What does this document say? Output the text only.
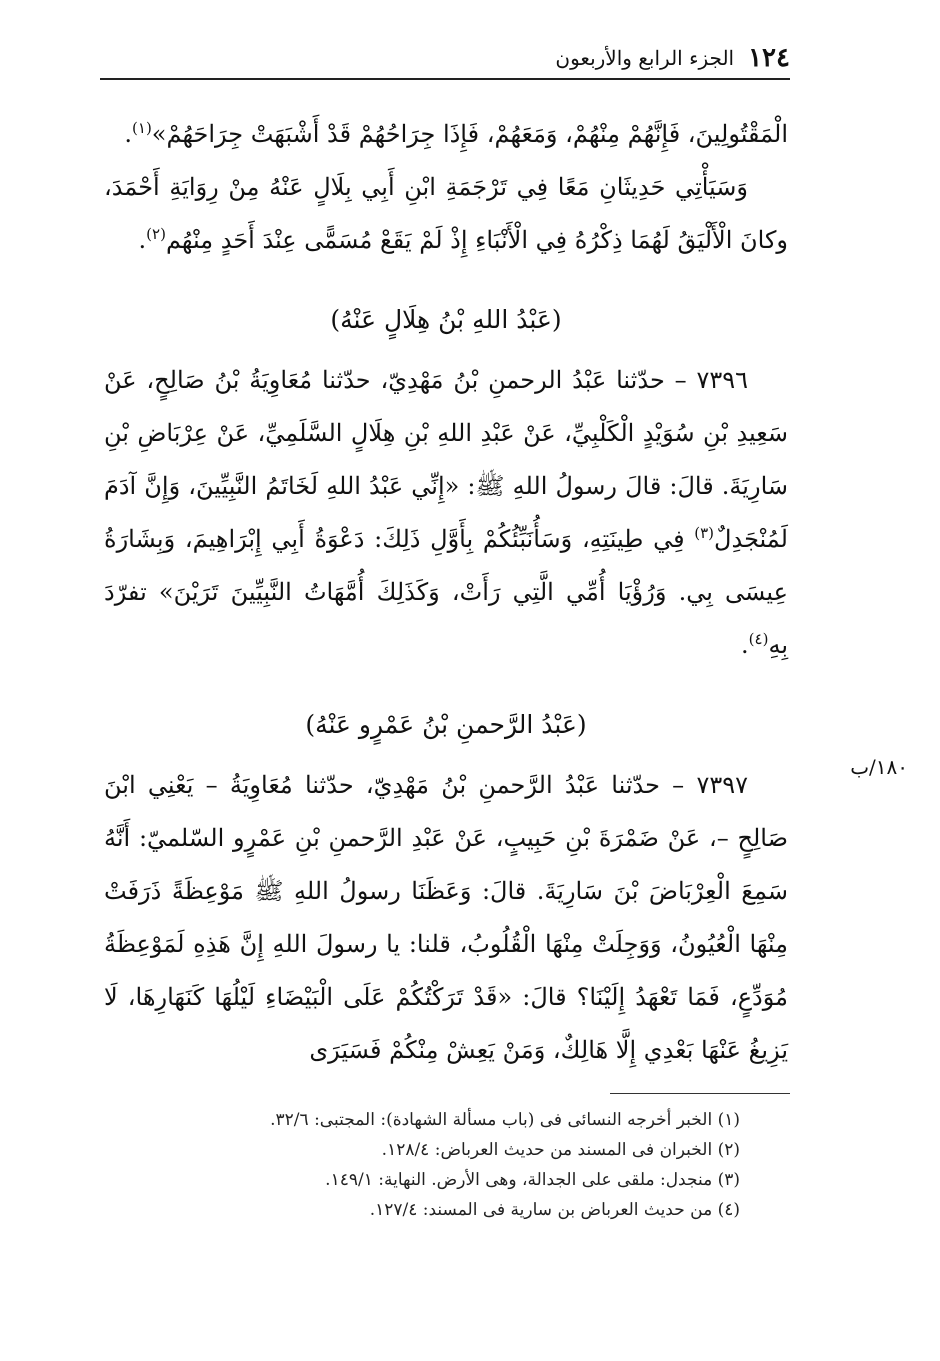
١٢٤
الجزء الرابع والأربعون

الْمَقْتُولِينَ، فَإِنَّهُمْ مِنْهُمْ، وَمَعَهُمْ، فَإِذَا جِرَاحُهُمْ قَدْ أَشْبَهَتْ جِرَاحَهُمْ»$^{(١)}$.

وَسَيَأْتِي حَدِيثَانِ مَعًا فِي تَرْجَمَةِ ابْنِ أَبِي بِلَالٍ عَنْهُ مِنْ رِوَايَةِ أَحْمَدَ، وكانَ الْأَلْيَقُ لَهُمَا ذِكْرُهُ فِي الْأَنْبَاءِ إِذْ لَمْ يَقَعْ مُسَمًّى عِنْدَ أَحَدٍ مِنْهُم$^{(٢)}$.

(عَبْدُ اللهِ بْنُ هِلَالٍ عَنْهُ)

٧٣٩٦ – حدّثنا عَبْدُ الرحمنِ بْنُ مَهْدِيّ، حدّثنا مُعَاوِيَةُ بْنُ صَالِحٍ، عَنْ سَعِيدِ بْنِ سُوَيْدٍ الْكَلْبِيِّ، عَنْ عَبْدِ اللهِ بْنِ هِلَالٍ السَّلَمِيِّ، عَنْ عِرْبَاضِ بْنِ سَارِيَةَ. قالَ: قالَ رسولُ اللهِ ﷺ: «إِنِّي عَبْدُ اللهِ لَخَاتَمُ النَّبِيِّينَ، وَإِنَّ آدَمَ لَمُنْجَدِلٌ$^{(٣)}$ فِي طِينَتِهِ، وَسَأُنَبِّئُكُمْ بِأَوَّلِ ذَلِكَ: دَعْوَةُ أَبِي إِبْرَاهِيمَ، وَبِشَارَةُ عِيسَى بِي. وَرُؤْيَا أُمِّي الَّتِي رَأَتْ، وَكَذَلِكَ أُمَّهَاتُ النَّبِيِّينَ تَرَيْنَ» تفرّدَ بِهِ$^{(٤)}$.

(عَبْدُ الرَّحمنِ بْنُ عَمْرٍو عَنْهُ)

٧٣٩٧ – حدّثنا عَبْدُ الرَّحمنِ بْنُ مَهْدِيّ، حدّثنا مُعَاوِيَةُ – يَعْنِي ابْنَ صَالِحٍ –، عَنْ ضَمْرَةَ بْنِ حَبِيبٍ، عَنْ عَبْدِ الرَّحمنِ بْنِ عَمْرٍو السّلميّ: أَنَّهُ سَمِعَ الْعِرْبَاضَ بْنَ سَارِيَةَ. قالَ: وَعَظَنَا رسولُ اللهِ ﷺ مَوْعِظَةً ذَرَفَتْ مِنْهَا الْعُيُونُ، وَوَجِلَتْ مِنْهَا الْقُلُوبُ، قلنا: يا رسولَ اللهِ إِنَّ هَذِهِ لَمَوْعِظَةُ مُوَدِّعٍ، فَمَا تَعْهَدُ إِلَيْنَا؟ قالَ: «قَدْ تَرَكْتُكُمْ عَلَى الْبَيْضَاءِ لَيْلُهَا كَنَهَارِهَا، لَا يَزِيغُ عَنْهَا بَعْدِي إِلَّا هَالِكٌ، وَمَنْ يَعِشْ مِنْكُمْ فَسَيَرَى

١٨٠/ب
(١) الخبر أخرجه النسائى فى (باب مسألة الشهادة): المجتبى: ٣٢/٦.
(٢) الخبران فى المسند من حديث العرباض: ١٢٨/٤.
(٣) منجدل: ملقى على الجدالة، وهى الأرض. النهاية: ١٤٩/١.
(٤) من حديث العرباض بن سارية فى المسند: ١٢٧/٤.
